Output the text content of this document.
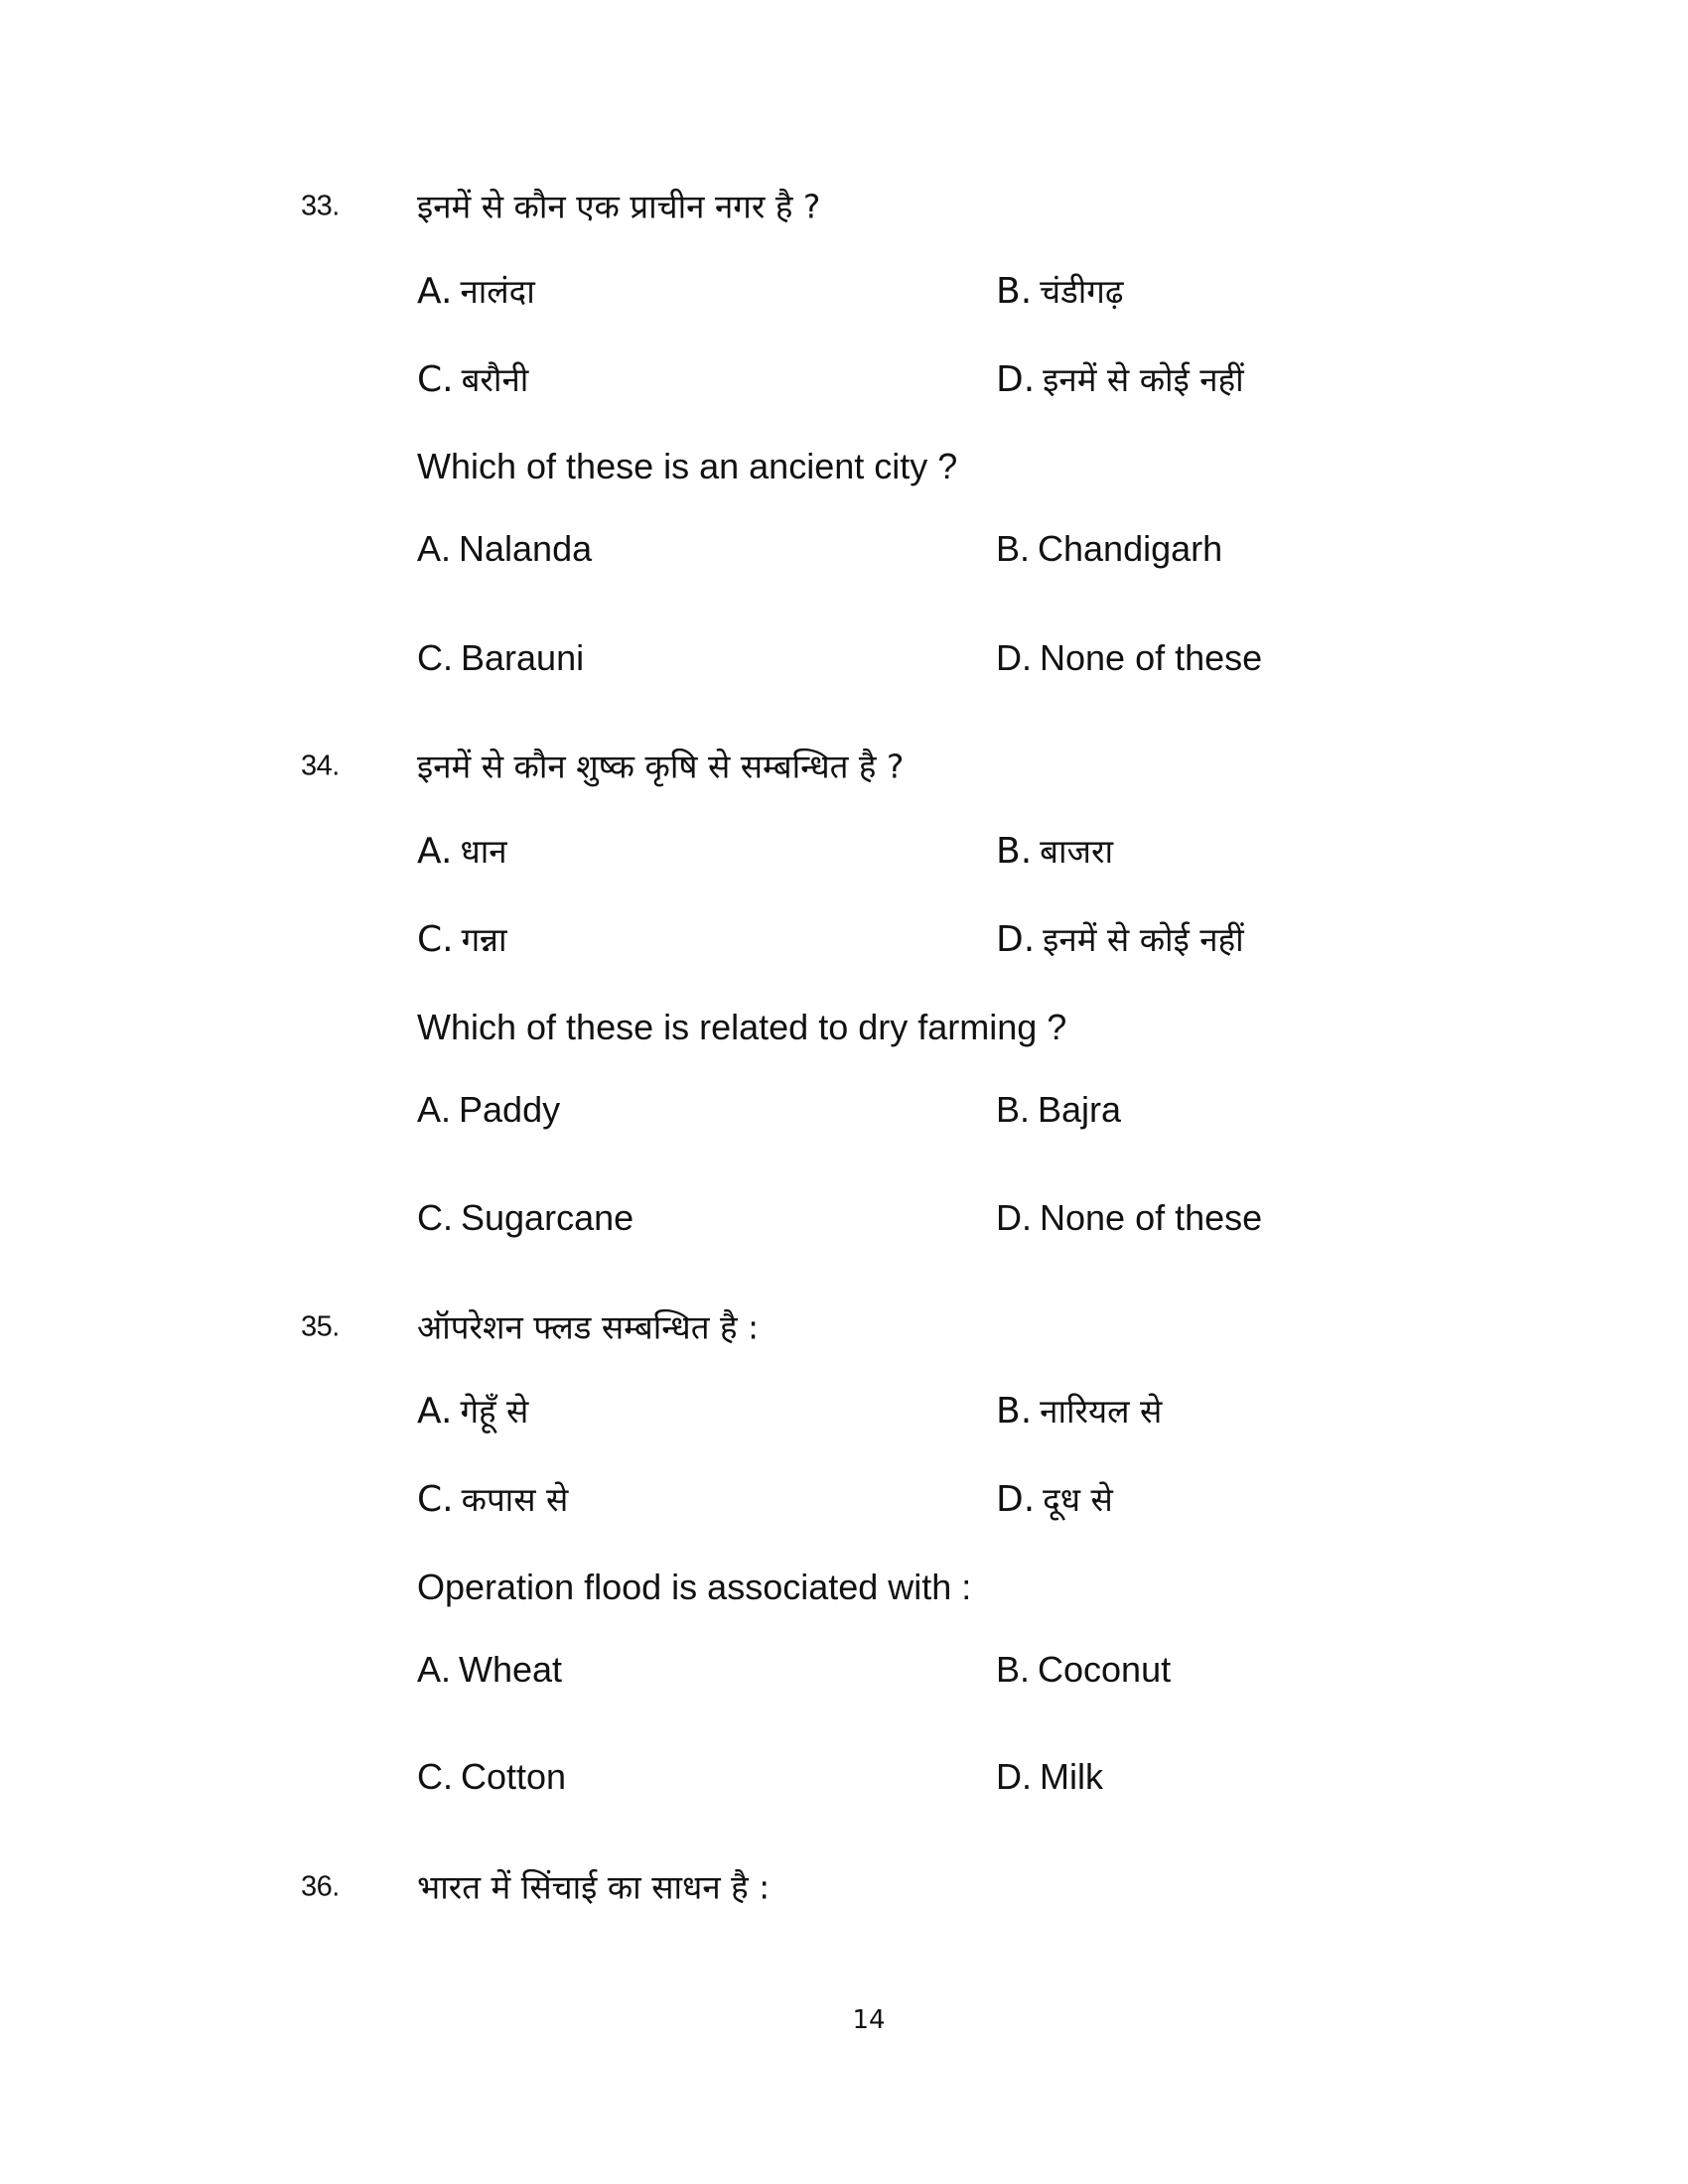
33. इनमें से कौन एक प्राचीन नगर है ?
A. नालंदा	B. चंडीगढ़
C. बरौनी	D. इनमें से कोई नहीं
Which of these is an ancient city ?
A. Nalanda	B. Chandigarh
C. Barauni	D. None of these
34. इनमें से कौन शुष्क कृषि से सम्बन्धित है ?
A. धान	B. बाजरा
C. गन्ना	D. इनमें से कोई नहीं
Which of these is related to dry farming ?
A. Paddy	B. Bajra
C. Sugarcane	D. None of these
35. ऑपरेशन फ्लड सम्बन्धित है :
A. गेहूँ से	B. नारियल से
C. कपास से	D. दूध से
Operation flood is associated with :
A. Wheat	B. Coconut
C. Cotton	D. Milk
36. भारत में सिंचाई का साधन है :
14
